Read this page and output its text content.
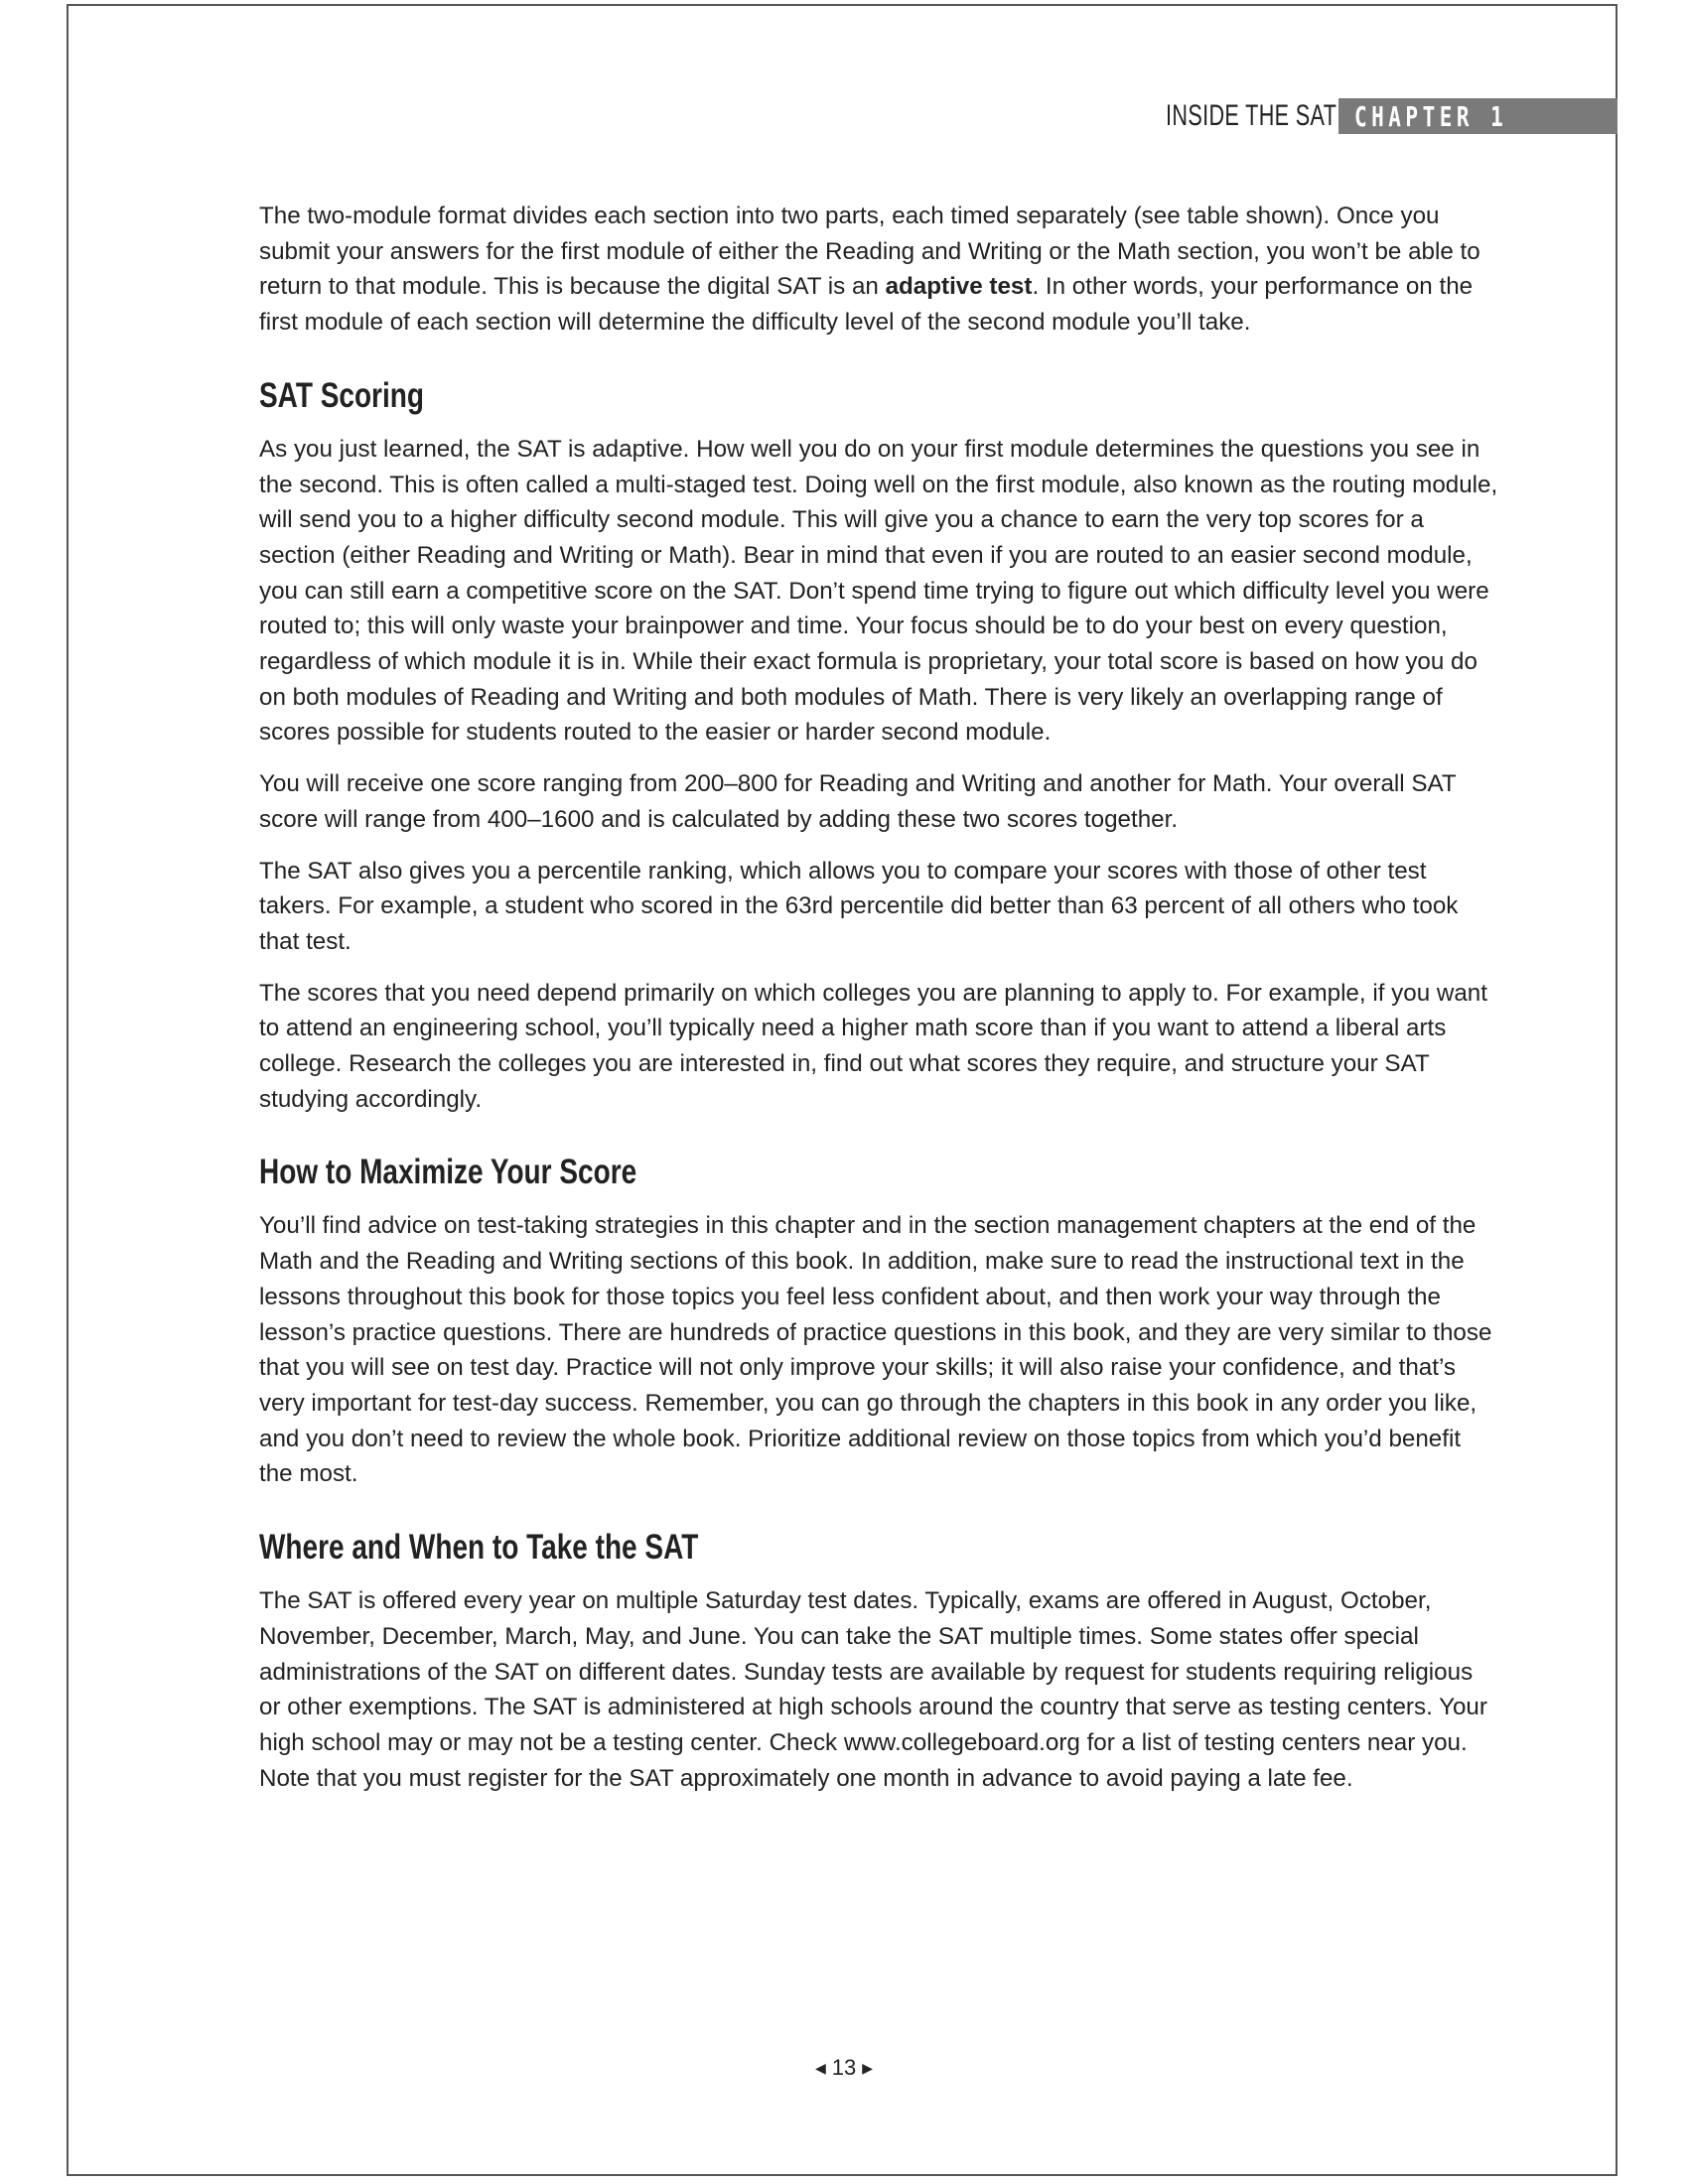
INSIDE THE SAT CHAPTER 1

The two-module format divides each section into two parts, each timed separately (see table shown). Once you submit your answers for the first module of either the Reading and Writing or the Math section, you won’t be able to return to that module. This is because the digital SAT is an adaptive test. In other words, your performance on the first module of each section will determine the difficulty level of the second module you’ll take.

SAT Scoring

As you just learned, the SAT is adaptive. How well you do on your first module determines the questions you see in the second. This is often called a multi-staged test. Doing well on the first module, also known as the routing module, will send you to a higher difficulty second module. This will give you a chance to earn the very top scores for a section (either Reading and Writing or Math). Bear in mind that even if you are routed to an easier second module, you can still earn a competitive score on the SAT. Don’t spend time trying to figure out which difficulty level you were routed to; this will only waste your brainpower and time. Your focus should be to do your best on every question, regardless of which module it is in. While their exact formula is proprietary, your total score is based on how you do on both modules of Reading and Writing and both modules of Math. There is very likely an overlapping range of scores possible for students routed to the easier or harder second module.

You will receive one score ranging from 200–800 for Reading and Writing and another for Math. Your overall SAT score will range from 400–1600 and is calculated by adding these two scores together.

The SAT also gives you a percentile ranking, which allows you to compare your scores with those of other test takers. For example, a student who scored in the 63rd percentile did better than 63 percent of all others who took that test.

The scores that you need depend primarily on which colleges you are planning to apply to. For example, if you want to attend an engineering school, you’ll typically need a higher math score than if you want to attend a liberal arts college. Research the colleges you are interested in, find out what scores they require, and structure your SAT studying accordingly.

How to Maximize Your Score

You’ll find advice on test-taking strategies in this chapter and in the section management chapters at the end of the Math and the Reading and Writing sections of this book. In addition, make sure to read the instructional text in the lessons throughout this book for those topics you feel less confident about, and then work your way through the lesson’s practice questions. There are hundreds of practice questions in this book, and they are very similar to those that you will see on test day. Practice will not only improve your skills; it will also raise your confidence, and that’s very important for test-day success. Remember, you can go through the chapters in this book in any order you like, and you don’t need to review the whole book. Prioritize additional review on those topics from which you’d benefit the most.

Where and When to Take the SAT

The SAT is offered every year on multiple Saturday test dates. Typically, exams are offered in August, October, November, December, March, May, and June. You can take the SAT multiple times. Some states offer special administrations of the SAT on different dates. Sunday tests are available by request for students requiring religious or other exemptions. The SAT is administered at high schools around the country that serve as testing centers. Your high school may or may not be a testing center. Check www.collegeboard.org for a list of testing centers near you. Note that you must register for the SAT approximately one month in advance to avoid paying a late fee.

◀ 13 ▶
